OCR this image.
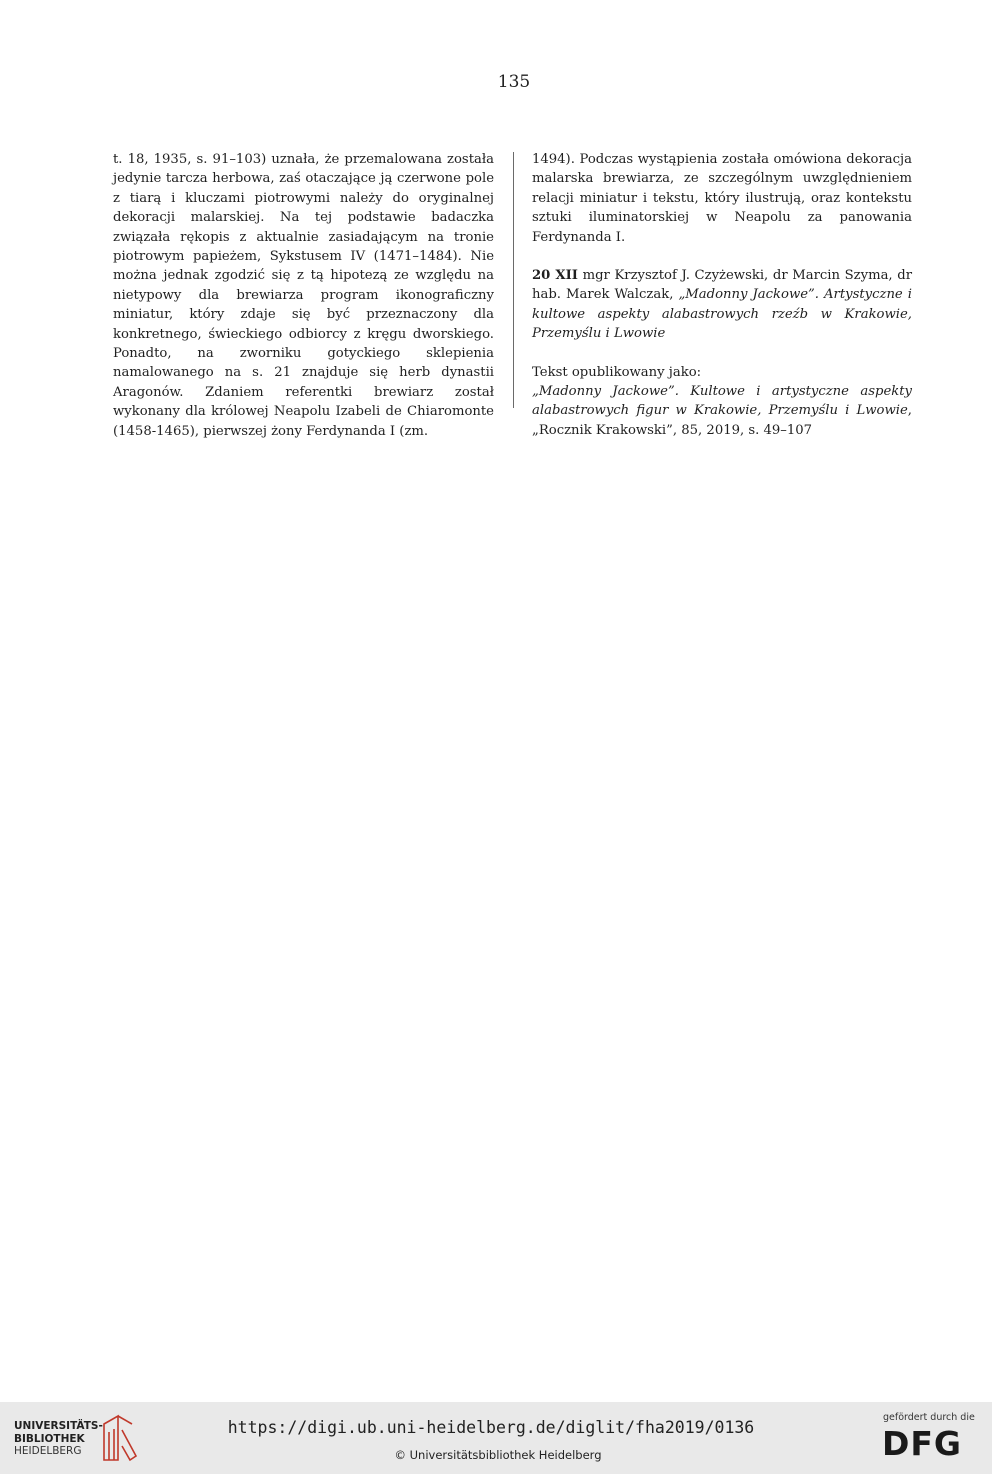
135

t. 18, 1935, s. 91–103) uznała, że przemalowana została jedynie tarcza herbowa, zaś otaczające ją czerwone pole z tiarą i kluczami piotrowymi należy do oryginalnej dekoracji malarskiej. Na tej podstawie badaczka związała rękopis z aktualnie zasiadającym na tronie piotrowym papieżem, Sykstusem IV (1471–1484). Nie można jednak zgodzić się z tą hipotezą ze względu na nietypowy dla brewiarza program ikonograficzny miniatur, który zdaje się być przeznaczony dla konkretnego, świeckiego odbiorcy z kręgu dworskiego. Ponadto, na zworniku gotyckiego sklepienia namalowanego na s. 21 znajduje się herb dynastii Aragonów. Zdaniem referentki brewiarz został wykonany dla królowej Neapolu Izabeli de Chiaromonte (1458-1465), pierwszej żony Ferdynanda I (zm.

1494). Podczas wystąpienia została omówiona dekoracja malarska brewiarza, ze szczególnym uwzględnieniem relacji miniatur i tekstu, który ilustrują, oraz kontekstu sztuki iluminatorskiej w Neapolu za panowania Ferdynanda I.

20 XII mgr Krzysztof J. Czyżewski, dr Marcin Szyma, dr hab. Marek Walczak, „Madonny Jackowe”. Artystyczne i kultowe aspekty alabastrowych rzeźb w Krakowie, Przemyślu i Lwowie

Tekst opublikowany jako:

„Madonny Jackowe”. Kultowe i artystyczne aspekty alabastrowych figur w Krakowie, Przemyślu i Lwowie, „Rocznik Krakowski”, 85, 2019, s. 49–107

UNIVERSITÄTS-
BIBLIOTHEK
HEIDELBERG
https://digi.ub.uni-heidelberg.de/diglit/fha2019/0136
© Universitätsbibliothek Heidelberg
gefördert durch die
DFG
